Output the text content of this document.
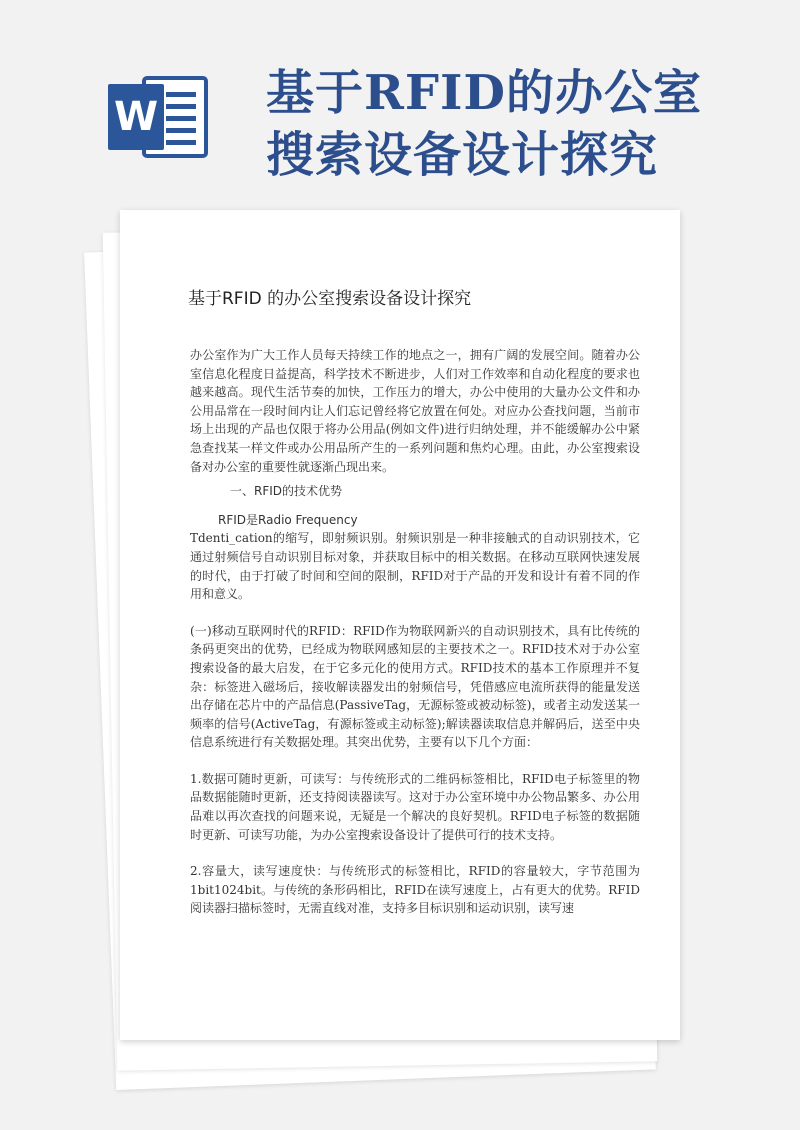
W 基于RFID的办公室
搜索设备设计探究
基于RFID 的办公室搜索设备设计探究

办公室作为广大工作人员每天持续工作的地点之一，拥有广阔的发展空间。随着办公室信息化程度日益提高，科学技术不断进步，人们对工作效率和自动化程度的要求也越来越高。现代生活节奏的加快，工作压力的增大，办公中使用的大量办公文件和办公用品常在一段时间内让人们忘记曾经将它放置在何处。对应办公查找问题，当前市场上出现的产品也仅限于将办公用品(例如文件)进行归纳处理，并不能缓解办公中紧急查找某一样文件或办公用品所产生的一系列问题和焦灼心理。由此，办公室搜索设备对办公室的重要性就逐渐凸现出来。

一、RFID的技术优势

RFID是Radio Frequency

Tdenti_cation的缩写，即射频识别。射频识别是一种非接触式的自动识别技术，它通过射频信号自动识别目标对象，并获取目标中的相关数据。在移动互联网快速发展的时代，由于打破了时间和空间的限制，RFID对于产品的开发和设计有着不同的作用和意义。

(一)移动互联网时代的RFID：RFID作为物联网新兴的自动识别技术，具有比传统的条码更突出的优势，已经成为物联网感知层的主要技术之一。RFID技术对于办公室搜索设备的最大启发，在于它多元化的使用方式。RFID技术的基本工作原理并不复杂：标签进入磁场后，接收解读器发出的射频信号，凭借感应电流所获得的能量发送出存储在芯片中的产品信息(PassiveTag，无源标签或被动标签)，或者主动发送某一频率的信号(ActiveTag，有源标签或主动标签);解读器读取信息并解码后，送至中央信息系统进行有关数据处理。其突出优势，主要有以下几个方面：

1.数据可随时更新，可读写：与传统形式的二维码标签相比，RFID电子标签里的物品数据能随时更新，还支持阅读器读写。这对于办公室环境中办公物品繁多、办公用品难以再次查找的问题来说，无疑是一个解决的良好契机。RFID电子标签的数据随时更新、可读写功能，为办公室搜索设备设计了提供可行的技术支持。

2.容量大，读写速度快：与传统形式的标签相比，RFID的容量较大，字节范围为1bit1024bit。与传统的条形码相比，RFID在读写速度上，占有更大的优势。RFID阅读器扫描标签时，无需直线对准，支持多目标识别和运动识别，读写速
